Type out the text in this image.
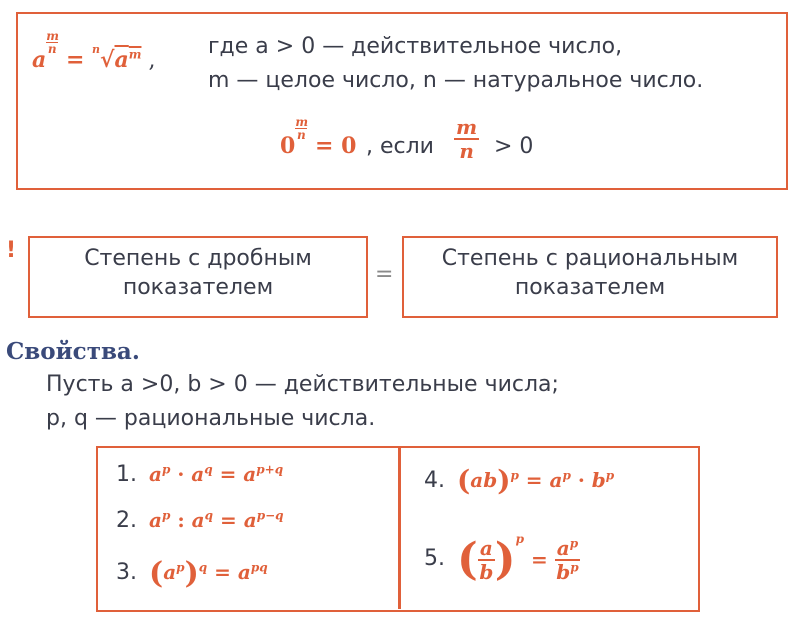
a
$\frac{m}{n}$
= $^n√a^m$ ,
где a > 0 — действительное число,
m — целое число, n — натуральное число.
0
$\frac{m}{n}$
= 0 , если $\frac{m}{n} > 0$
!	Степень с дробным
показателем
=
Степень с рациональным
показателем
Свойства.
Пусть a >0, b > 0 — действительные числа;
p, q — рациональные числа.
1. $a^p \cdot a^q = a^{p+q}$
2. $a^p$ : $a^q = a^{p-q}$
3. $(a^p)^q = a^{pq}$
4. $(ab)^p = a^p \cdot b^p$
5. ( $\frac{a}{b} )^p = \frac{a^p}{b^p}$
